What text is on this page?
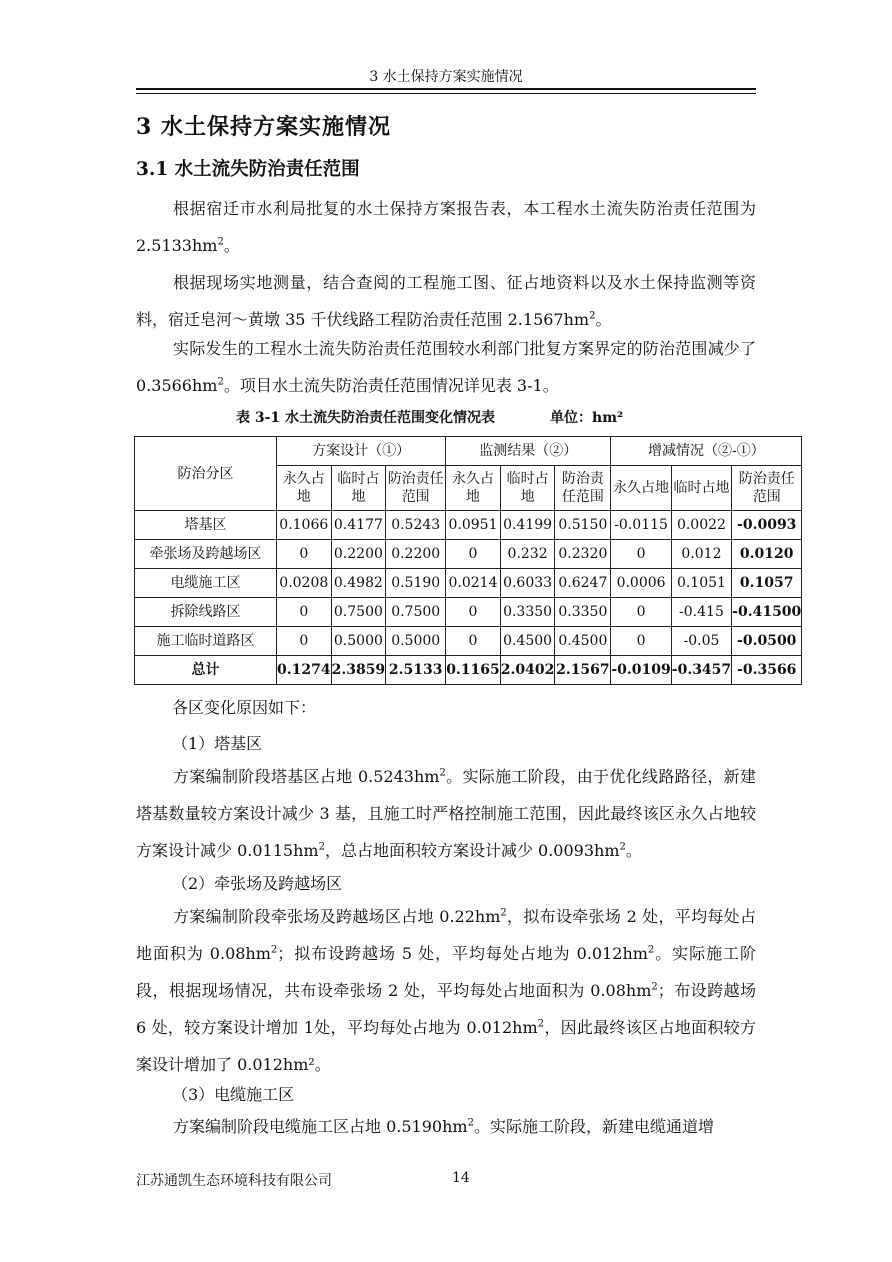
3 水土保持方案实施情况
3 水土保持方案实施情况
3.1 水土流失防治责任范围
根据宿迁市水利局批复的水土保持方案报告表，本工程水土流失防治责任范围为 $2.5133hm^2$。
根据现场实地测量，结合查阅的工程施工图、征占地资料以及水土保持监测等资料，宿迁皂河～黄墩 35 千伏线路工程防治责任范围 $2.1567hm^2$。
实际发生的工程水土流失防治责任范围较水利部门批复方案界定的防治范围减少了 $0.3566hm^2$。项目水土流失防治责任范围情况详见表 3-1。
表 3-1 水土流失防治责任范围变化情况表	单位：hm²
防治分区	方案设计（①）			监测结果（②）			增减情况（②-①）		
	永久占地	临时占地	防治责任范围	永久占地	临时占地	防治责任范围	永久占地	临时占地	防治责任范围
塔基区	0.1066	0.4177	0.5243	0.0951	0.4199	0.5150	-0.0115	0.0022	-0.0093
牵张场及跨越场区	0	0.2200	0.2200	0	0.232	0.2320	0	0.012	0.0120
电缆施工区	0.0208	0.4982	0.5190	0.0214	0.6033	0.6247	0.0006	0.1051	0.1057
拆除线路区	0	0.7500	0.7500	0	0.3350	0.3350	0	-0.415	-0.41500
施工临时道路区	0	0.5000	0.5000	0	0.4500	0.4500	0	-0.05	-0.0500
总计	0.1274	2.3859	2.5133	0.1165	2.0402	2.1567	-0.0109	-0.3457	-0.3566
各区变化原因如下：
（1）塔基区
方案编制阶段塔基区占地 $0.5243hm^2$。实际施工阶段，由于优化线路路径，新建塔基数量较方案设计减少 3 基，且施工时严格控制施工范围，因此最终该区永久占地较方案设计减少 $0.0115hm^2$，总占地面积较方案设计减少 $0.0093hm^2$。
（2）牵张场及跨越场区
方案编制阶段牵张场及跨越场区占地 $0.22hm^2$，拟布设牵张场 2 处，平均每处占地面积为 $0.08hm^2$；拟布设跨越场 5 处，平均每处占地为 $0.012hm^2$。实际施工阶段，根据现场情况，共布设牵张场 2 处，平均每处占地面积为 $0.08hm^2$；布设跨越场 6 处，较方案设计增加 1处，平均每处占地为 $0.012hm^2$，因此最终该区占地面积较方案设计增加了 0.012hm²。
（3）电缆施工区
方案编制阶段电缆施工区占地 $0.5190hm^2$。实际施工阶段，新建电缆通道增
江苏通凯生态环境科技有限公司	14
